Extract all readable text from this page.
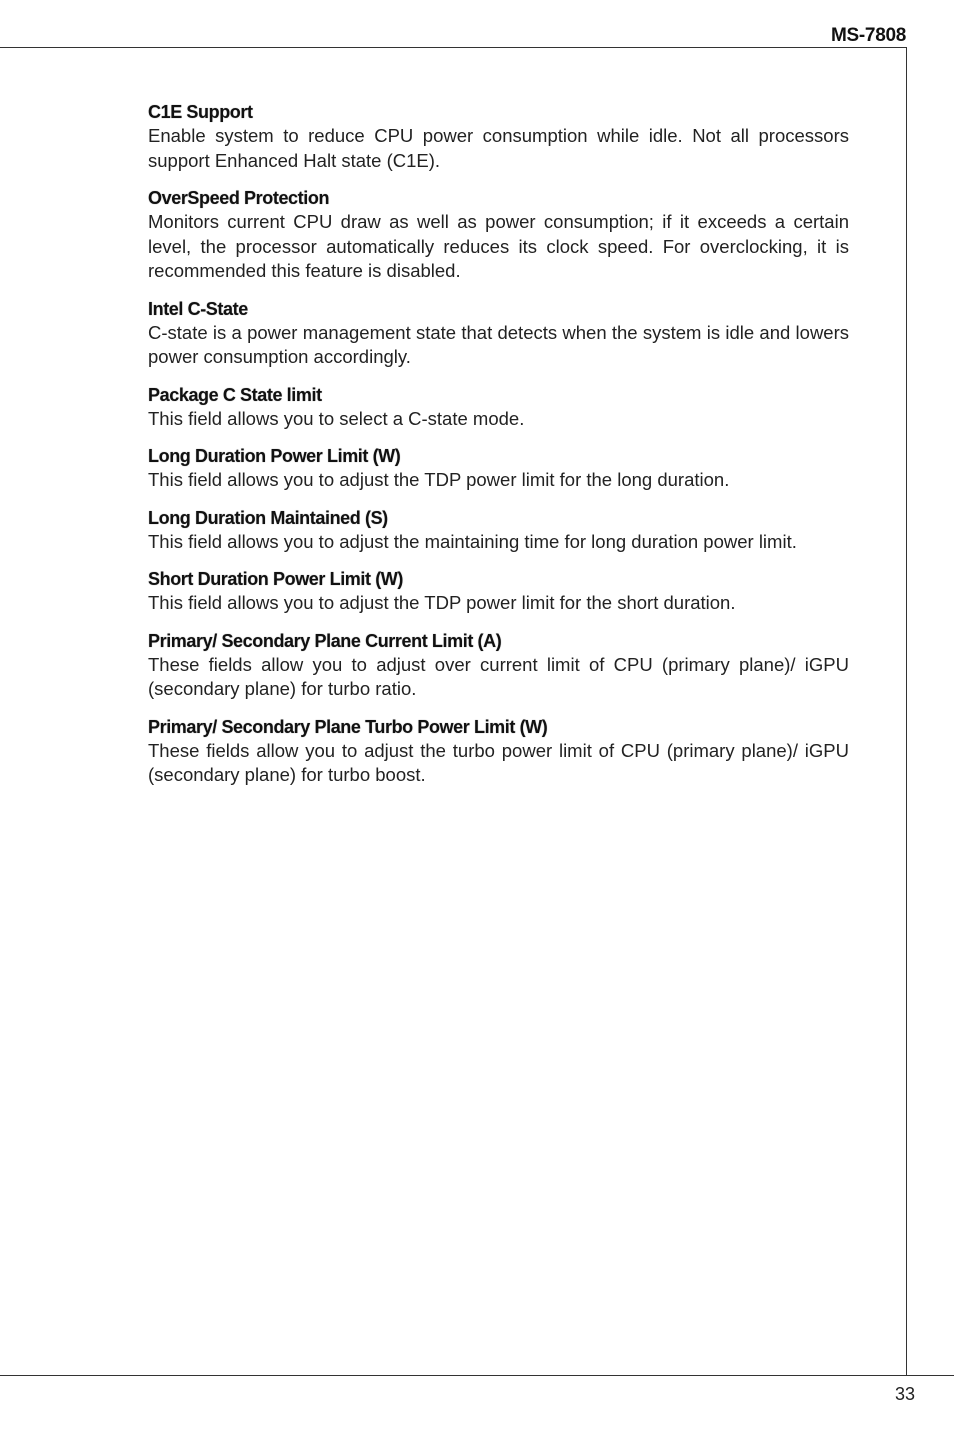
MS-7808
C1E Support
Enable system to reduce CPU power consumption while idle. Not all processors support Enhanced Halt state (C1E).
OverSpeed Protection
Monitors current CPU draw as well as power consumption; if it exceeds a certain level, the processor automatically reduces its clock speed. For overclocking, it is recommended this feature is disabled.
Intel C-State
C-state is a power management state that detects when the system is idle and lowers power consumption accordingly.
Package C State limit
This field allows you to select a C-state mode.
Long Duration Power Limit (W)
This field allows you to adjust the TDP power limit for the long duration.
Long Duration Maintained (S)
This field allows you to adjust the maintaining time for long duration power limit.
Short Duration Power Limit (W)
This field allows you to adjust the TDP power limit for the short duration.
Primary/ Secondary Plane Current Limit (A)
These fields allow you to adjust over current limit of CPU (primary plane)/ iGPU (secondary plane) for turbo ratio.
Primary/ Secondary Plane Turbo Power Limit (W)
These fields allow you to adjust the turbo power limit of CPU (primary plane)/ iGPU (secondary plane) for turbo boost.
33
